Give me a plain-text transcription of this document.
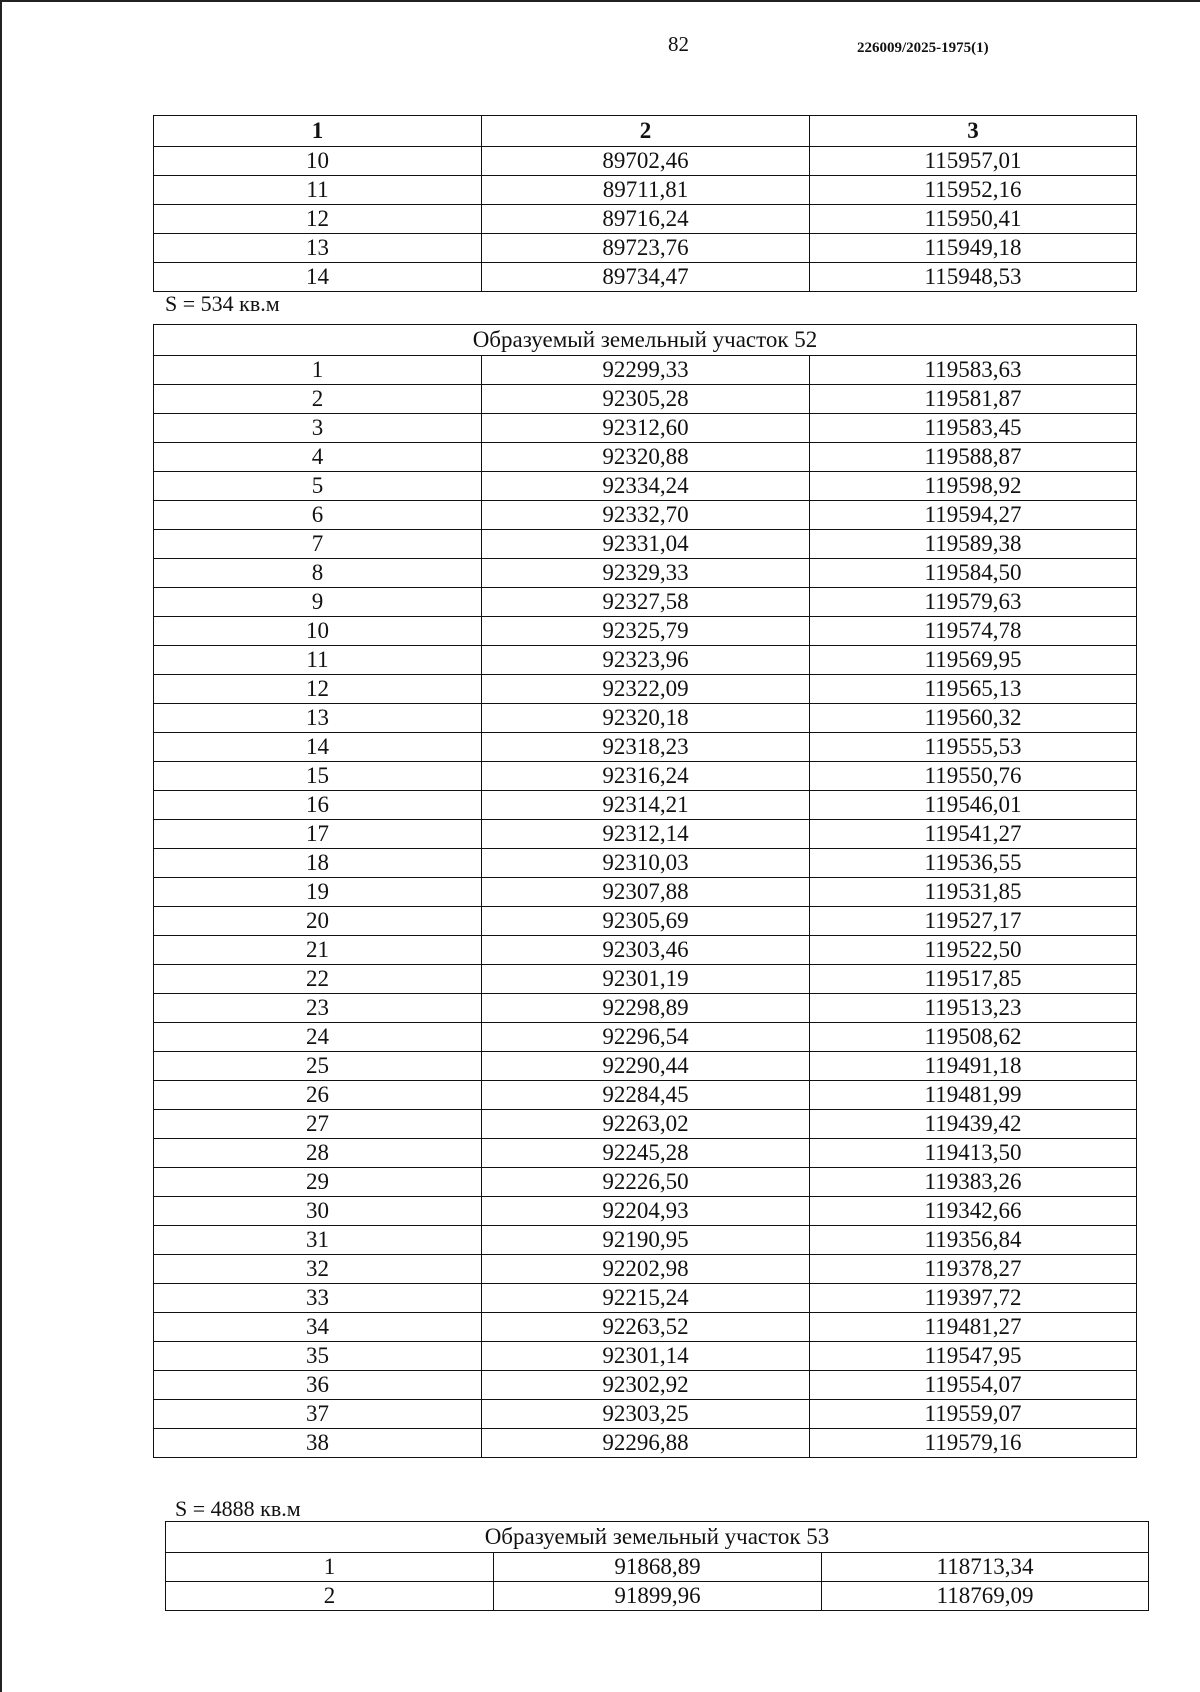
82	226009/2025-1975(1)
1	2	3
10	89702,46	115957,01
11	89711,81	115952,16
12	89716,24	115950,41
13	89723,76	115949,18
14	89734,47	115948,53
S = 534 кв.м
Образуемый земельный участок 52		
1	92299,33	119583,63
2	92305,28	119581,87
3	92312,60	119583,45
4	92320,88	119588,87
5	92334,24	119598,92
6	92332,70	119594,27
7	92331,04	119589,38
8	92329,33	119584,50
9	92327,58	119579,63
10	92325,79	119574,78
11	92323,96	119569,95
12	92322,09	119565,13
13	92320,18	119560,32
14	92318,23	119555,53
15	92316,24	119550,76
16	92314,21	119546,01
17	92312,14	119541,27
18	92310,03	119536,55
19	92307,88	119531,85
20	92305,69	119527,17
21	92303,46	119522,50
22	92301,19	119517,85
23	92298,89	119513,23
24	92296,54	119508,62
25	92290,44	119491,18
26	92284,45	119481,99
27	92263,02	119439,42
28	92245,28	119413,50
29	92226,50	119383,26
30	92204,93	119342,66
31	92190,95	119356,84
32	92202,98	119378,27
33	92215,24	119397,72
34	92263,52	119481,27
35	92301,14	119547,95
36	92302,92	119554,07
37	92303,25	119559,07
38	92296,88	119579,16
S = 4888 кв.м
Образуемый земельный участок 53		
1	91868,89	118713,34
2	91899,96	118769,09
